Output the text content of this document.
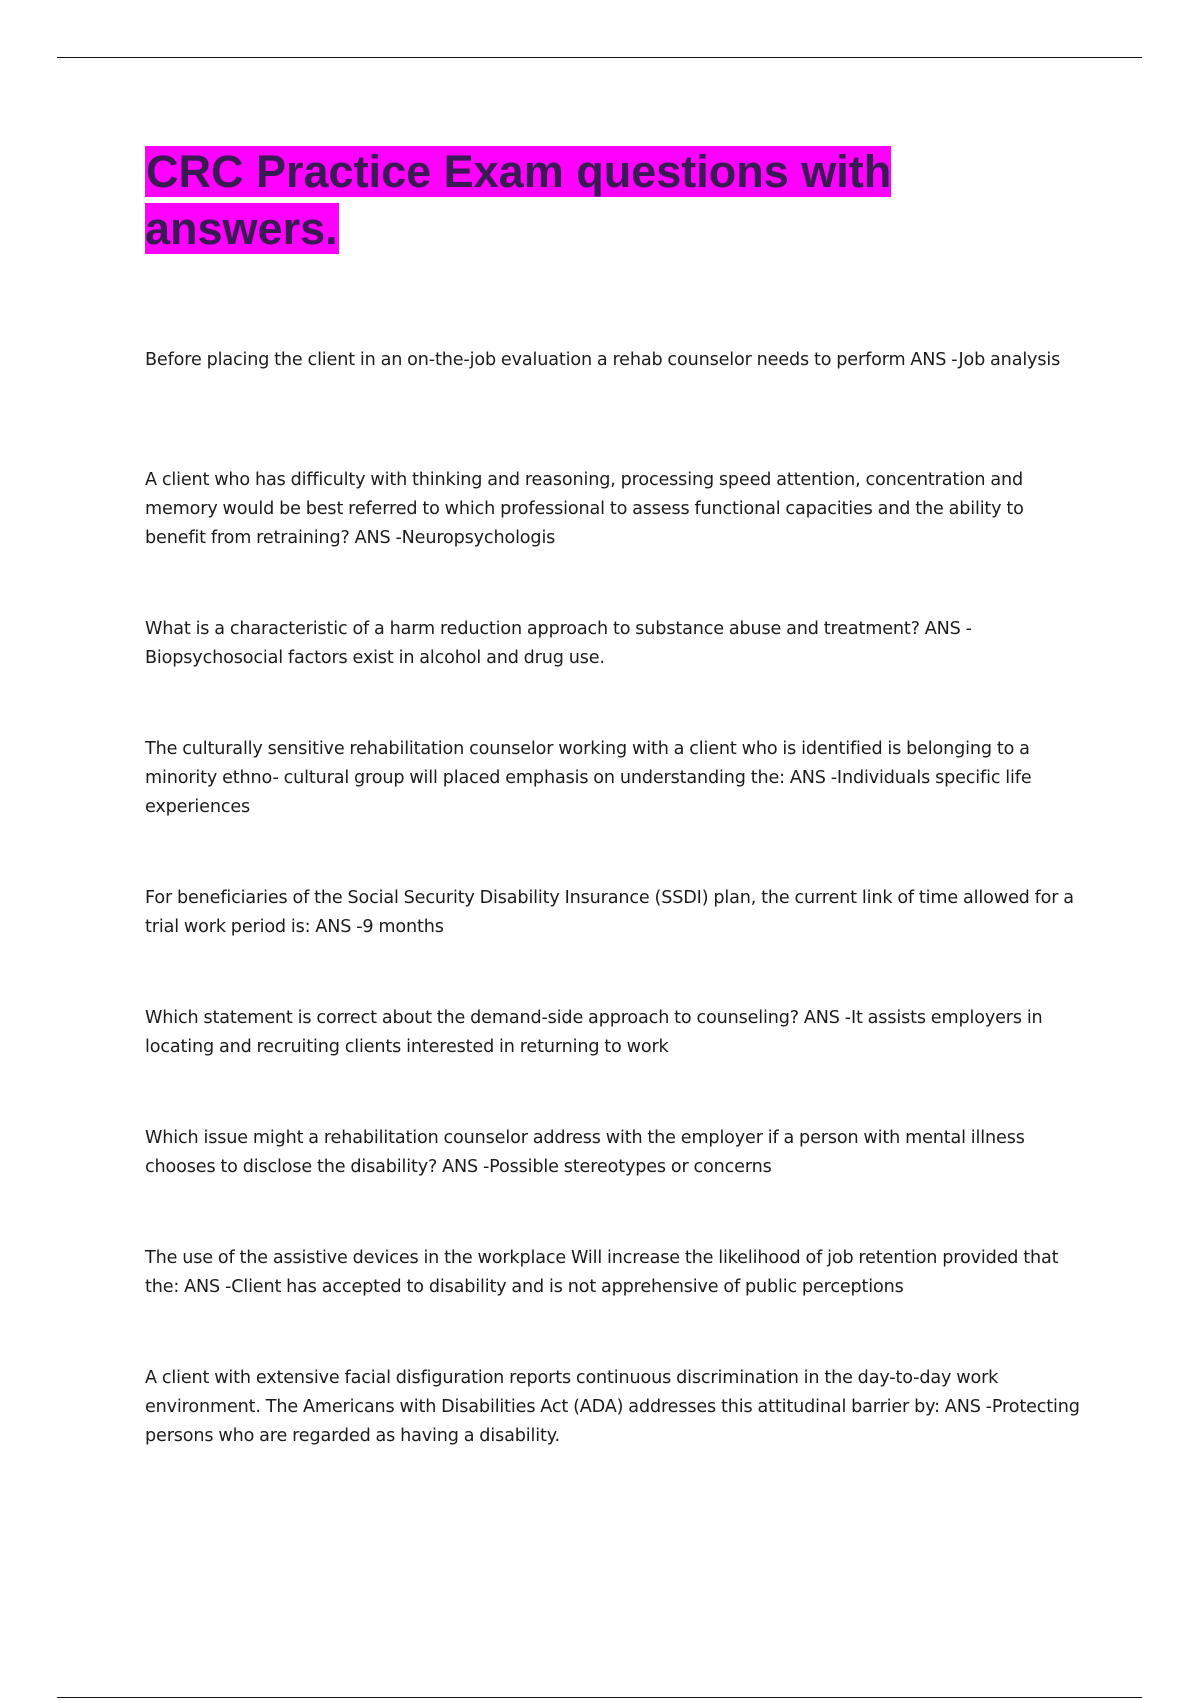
CRC Practice Exam questions with answers.

Before placing the client in an on-the-job evaluation a rehab counselor needs to perform ANS -Job analysis

A client who has difficulty with thinking and reasoning, processing speed attention, concentration and memory would be best referred to which professional to assess functional capacities and the ability to benefit from retraining? ANS -Neuropsychologis

What is a characteristic of a harm reduction approach to substance abuse and treatment? ANS -Biopsychosocial factors exist in alcohol and drug use.

The culturally sensitive rehabilitation counselor working with a client who is identified is belonging to a minority ethno- cultural group will placed emphasis on understanding the: ANS -Individuals specific life experiences

For beneficiaries of the Social Security Disability Insurance (SSDI) plan, the current link of time allowed for a trial work period is: ANS -9 months

Which statement is correct about the demand-side approach to counseling? ANS -It assists employers in locating and recruiting clients interested in returning to work

Which issue might a rehabilitation counselor address with the employer if a person with mental illness chooses to disclose the disability? ANS -Possible stereotypes or concerns

The use of the assistive devices in the workplace Will increase the likelihood of job retention provided that the: ANS -Client has accepted to disability and is not apprehensive of public perceptions

A client with extensive facial disfiguration reports continuous discrimination in the day-to-day work environment. The Americans with Disabilities Act (ADA) addresses this attitudinal barrier by: ANS -Protecting persons who are regarded as having a disability.
